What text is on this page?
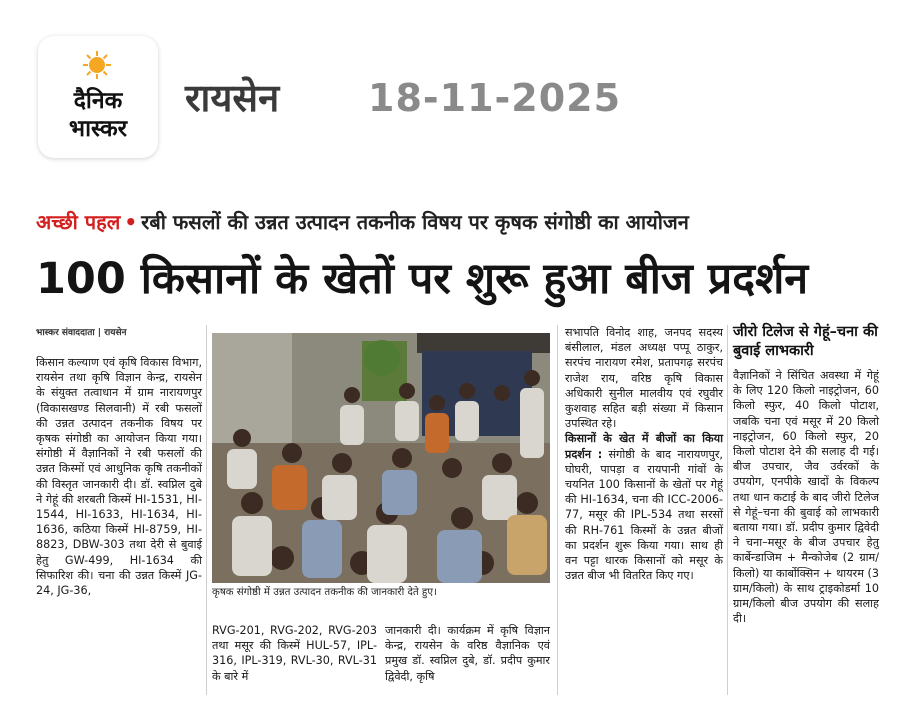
दैनिक
भास्कर
रायसेन 18-11-2025
अच्छी पहल • रबी फसलों की उन्नत उत्पादन तकनीक विषय पर कृषक संगोष्ठी का आयोजन
100 किसानों के खेतों पर शुरू हुआ बीज प्रदर्शन
भास्कर संवाददाता | रायसेन
किसान कल्याण एवं कृषि विकास विभाग, रायसेन तथा कृषि विज्ञान केन्द्र, रायसेन के संयुक्त तत्वाधान में ग्राम नारायणपुर (विकासखण्ड सिलवानी) में रबी फसलों की उन्नत उत्पादन तकनीक विषय पर कृषक संगोष्ठी का आयोजन किया गया। संगोष्ठी में वैज्ञानिकों ने रबी फसलों की उन्नत किस्मों एवं आधुनिक कृषि तकनीकों की विस्तृत जानकारी दी। डॉ. स्वप्निल दुबे ने गेहूं की शरबती किस्में HI-1531, HI-1544, HI-1633, HI-1634, HI-1636, कठिया किस्में HI-8759, HI-8823, DBW-303 तथा देरी से बुवाई हेतु GW-499, HI-1634 की सिफारिश की। चना की उन्नत किस्में JG-24, JG-36,	कृषक संगोष्ठी में उन्नत उत्पादन तकनीक की जानकारी देते हुए।
RVG-201, RVG-202, RVG-203 तथा मसूर की किस्में HUL-57, IPL-316, IPL-319, RVL-30, RVL-31 के बारे में
जानकारी दी। कार्यक्रम में कृषि विज्ञान केन्द्र, रायसेन के वरिष्ठ वैज्ञानिक एवं प्रमुख डॉ. स्वप्निल दुबे, डॉ. प्रदीप कुमार द्विवेदी, कृषि
सभापति विनोद शाह, जनपद सदस्य बंसीलाल, मंडल अध्यक्ष पप्पू ठाकुर, सरपंच नारायण रमेश, प्रतापगढ़ सरपंच राजेश राय, वरिष्ठ कृषि विकास अधिकारी सुनील मालवीय एवं रघुवीर कुशवाह सहित बड़ी संख्या में किसान उपस्थित रहे।
किसानों के खेत में बीजों का किया प्रदर्शन : संगोष्ठी के बाद नारायणपुर, घोघरी, पापड़ा व रायपानी गांवों के चयनित 100 किसानों के खेतों पर गेहूं की HI-1634, चना की ICC-2006-77, मसूर की IPL-534 तथा सरसों की RH-761 किस्मों के उन्नत बीजों का प्रदर्शन शुरू किया गया। साथ ही वन पट्टा धारक किसानों को मसूर के उन्नत बीज भी वितरित किए गए।
जीरो टिलेज से गेहूं–चना की बुवाई लाभकारी
वैज्ञानिकों ने सिंचित अवस्था में गेहूं के लिए 120 किलो नाइट्रोजन, 60 किलो स्फुर, 40 किलो पोटाश, जबकि चना एवं मसूर में 20 किलो नाइट्रोजन, 60 किलो स्फुर, 20 किलो पोटाश देने की सलाह दी गई। बीज उपचार, जैव उर्वरकों के उपयोग, एनपीके खादों के विकल्प तथा धान कटाई के बाद जीरो टिलेज से गेहूं–चना की बुवाई को लाभकारी बताया गया। डॉ. प्रदीप कुमार द्विवेदी ने चना–मसूर के बीज उपचार हेतु कार्बेन्डाजिम + मैन्कोजेब (2 ग्राम/किलो) या कार्बोक्सिन + थायरम (3 ग्राम/किलो) के साथ ट्राइकोडर्मा 10 ग्राम/किलो बीज उपयोग की सलाह दी।
